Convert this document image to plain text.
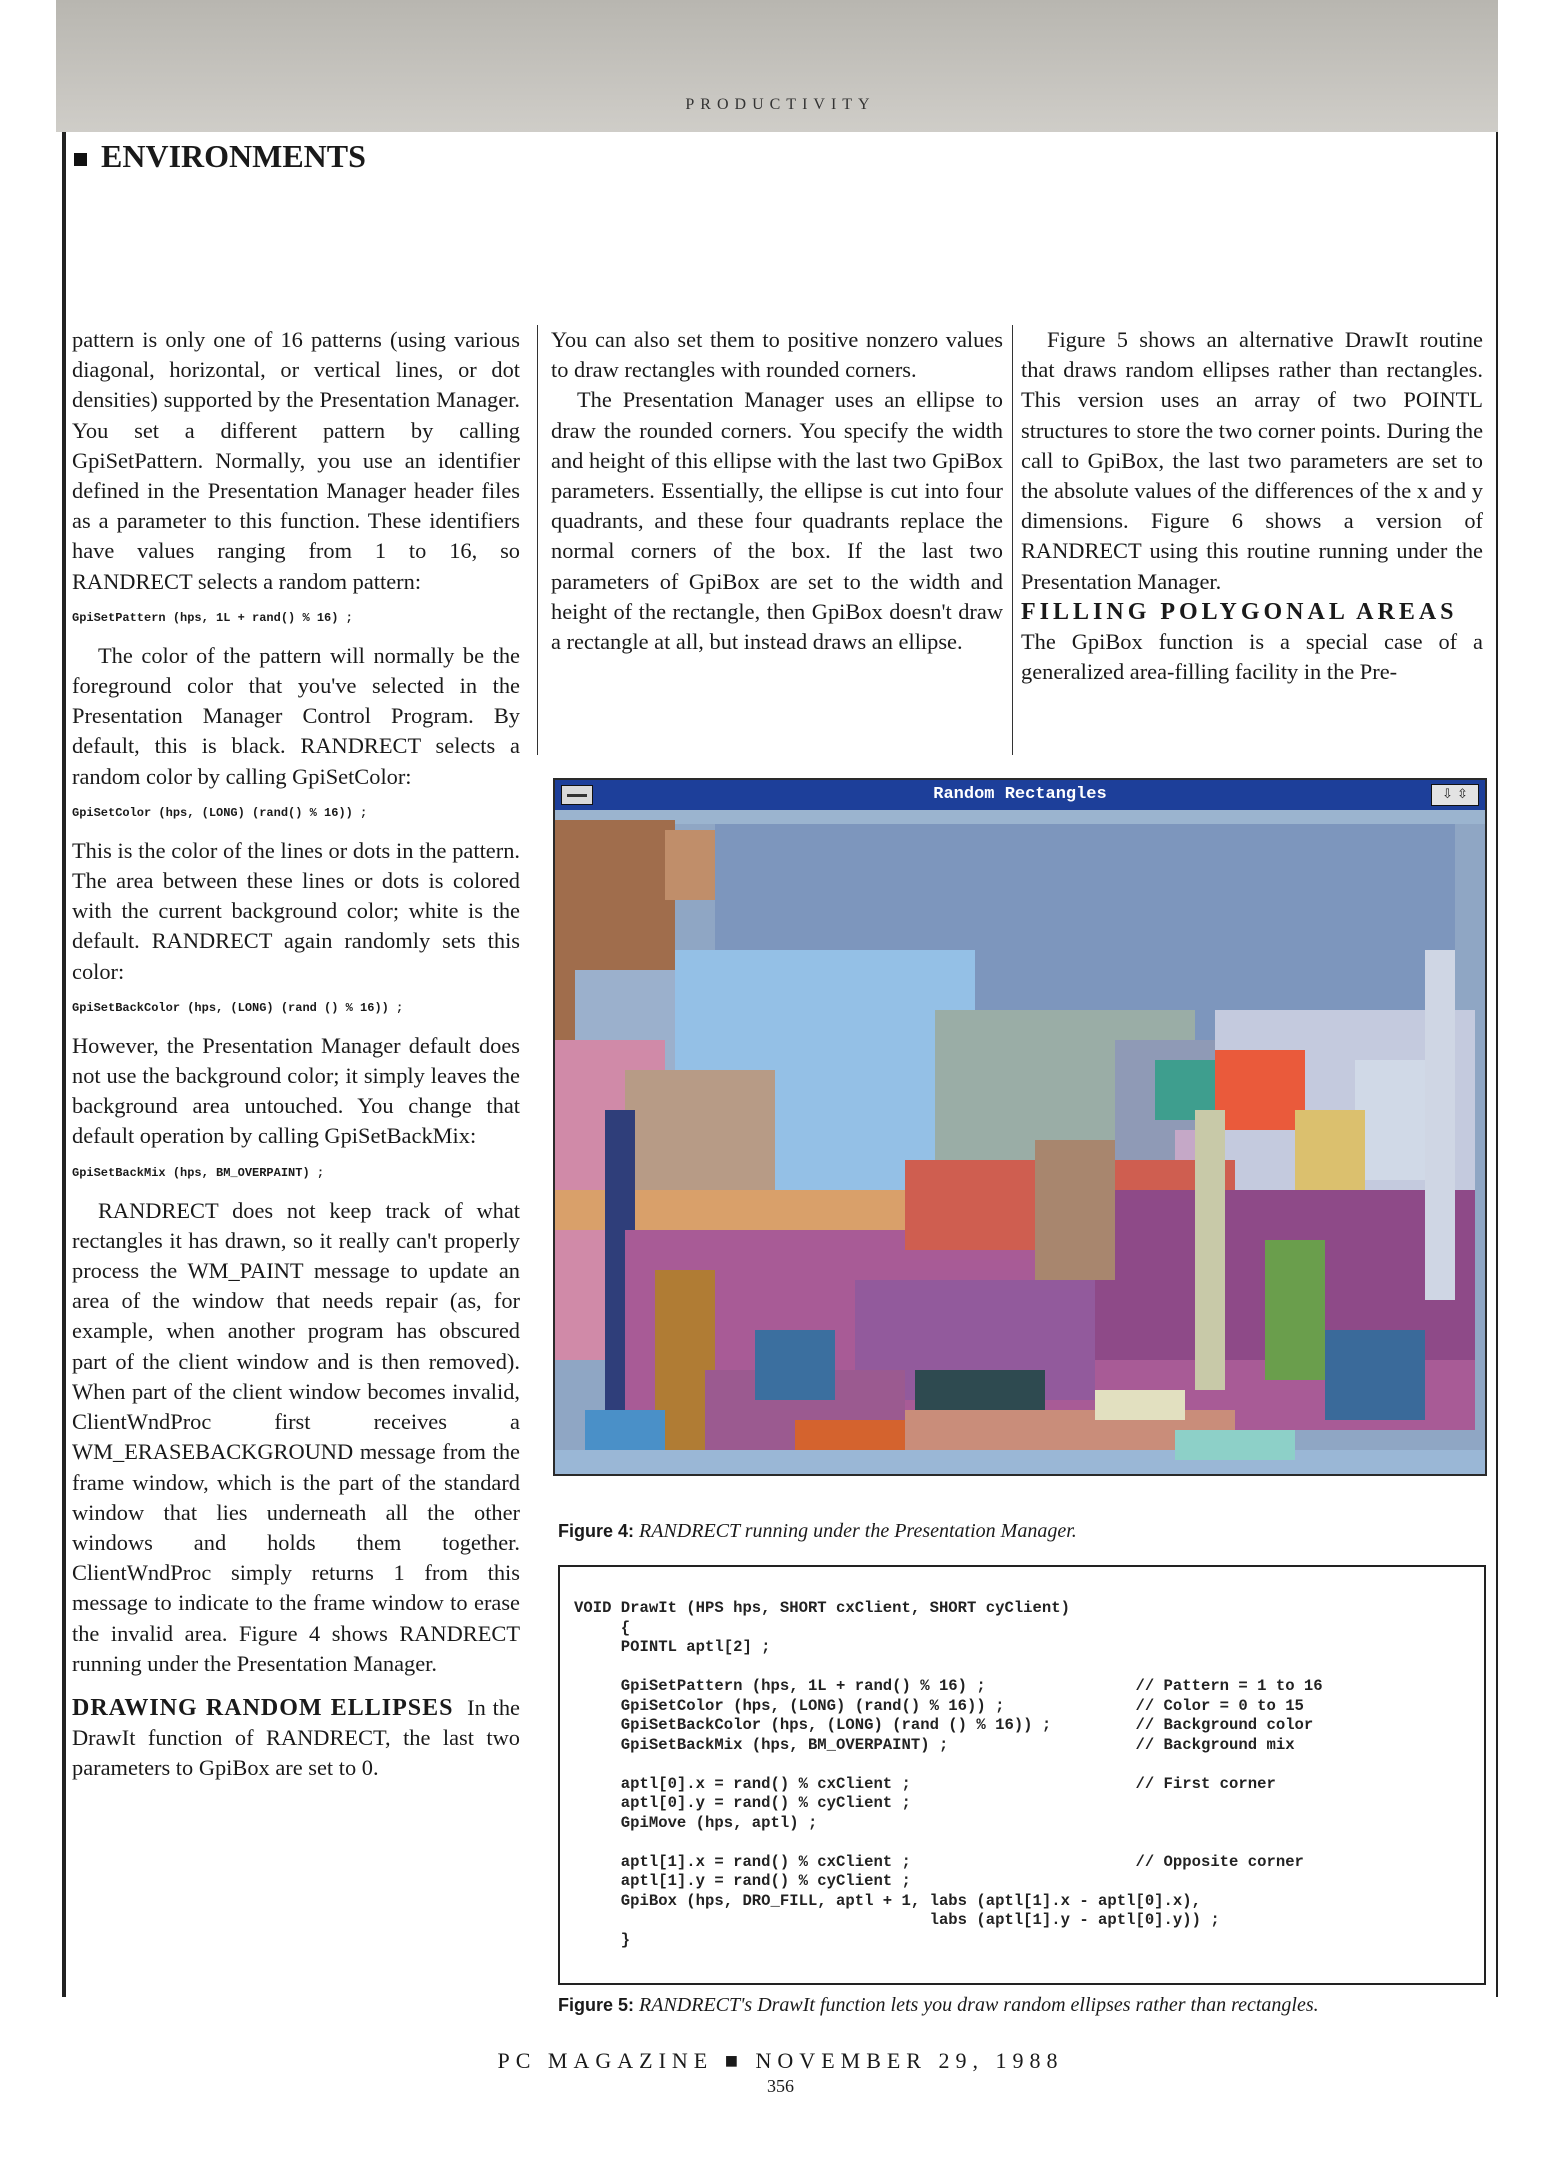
PRODUCTIVITY
ENVIRONMENTS

pattern is only one of 16 patterns (using various diagonal, horizontal, or vertical lines, or dot densities) supported by the Presentation Manager. You set a different pattern by calling GpiSetPattern. Normally, you use an identifier defined in the Presentation Manager header files as a parameter to this function. These identifiers have values ranging from 1 to 16, so RANDRECT selects a random pattern:

GpiSetPattern (hps, 1L + rand() % 16) ;

The color of the pattern will normally be the foreground color that you've selected in the Presentation Manager Control Program. By default, this is black. RANDRECT selects a random color by calling GpiSetColor:

GpiSetColor (hps, (LONG) (rand() % 16)) ;

This is the color of the lines or dots in the pattern. The area between these lines or dots is colored with the current background color; white is the default. RANDRECT again randomly sets this color:

GpiSetBackColor (hps, (LONG) (rand () % 16)) ;

However, the Presentation Manager default does not use the background color; it simply leaves the background area untouched. You change that default operation by calling GpiSetBackMix:

GpiSetBackMix (hps, BM_OVERPAINT) ;

RANDRECT does not keep track of what rectangles it has drawn, so it really can't properly process the WM_PAINT message to update an area of the window that needs repair (as, for example, when another program has obscured part of the client window and is then removed). When part of the client window becomes invalid, ClientWndProc first receives a WM_ERASEBACKGROUND message from the frame window, which is the part of the standard window that lies underneath all the other windows and holds them together. ClientWndProc simply returns 1 from this message to indicate to the frame window to erase the invalid area. Figure 4 shows RANDRECT running under the Presentation Manager.

DRAWING RANDOM ELLIPSES In the DrawIt function of RANDRECT, the last two parameters to GpiBox are set to 0.

You can also set them to positive nonzero values to draw rectangles with rounded corners.

The Presentation Manager uses an ellipse to draw the rounded corners. You specify the width and height of this ellipse with the last two GpiBox parameters. Essentially, the ellipse is cut into four quadrants, and these four quadrants replace the normal corners of the box. If the last two parameters of GpiBox are set to the width and height of the rectangle, then GpiBox doesn't draw a rectangle at all, but instead draws an ellipse.

Figure 5 shows an alternative DrawIt routine that draws random ellipses rather than rectangles. This version uses an array of two POINTL structures to store the two corner points. During the call to GpiBox, the last two parameters are set to the absolute values of the differences of the x and y dimensions. Figure 6 shows a version of RANDRECT using this routine running under the Presentation Manager.

FILLING POLYGONAL AREAS

The GpiBox function is a special case of a generalized area-filling facility in the Pre-

Random Rectangles	⇩ ⇳
Figure 4: RANDRECT running under the Presentation Manager.
VOID DrawIt (HPS hps, SHORT cxClient, SHORT cyClient)
{
POINTL aptl[2] ;

GpiSetPattern (hps, 1L + rand() % 16) ;                // Pattern = 1 to 16
GpiSetColor (hps, (LONG) (rand() % 16)) ;              // Color = 0 to 15
GpiSetBackColor (hps, (LONG) (rand () % 16)) ;         // Background color
GpiSetBackMix (hps, BM_OVERPAINT) ;                    // Background mix

aptl[0].x = rand() % cxClient ;                        // First corner
aptl[0].y = rand() % cyClient ;
GpiMove (hps, aptl) ;

aptl[1].x = rand() % cxClient ;                        // Opposite corner
aptl[1].y = rand() % cyClient ;
GpiBox (hps, DRO_FILL, aptl + 1, labs (aptl[1].x - aptl[0].x),
labs (aptl[1].y - aptl[0].y)) ;
}
Figure 5: RANDRECT's DrawIt function lets you draw random ellipses rather than rectangles.
PC MAGAZINE ■ NOVEMBER 29, 1988
356
